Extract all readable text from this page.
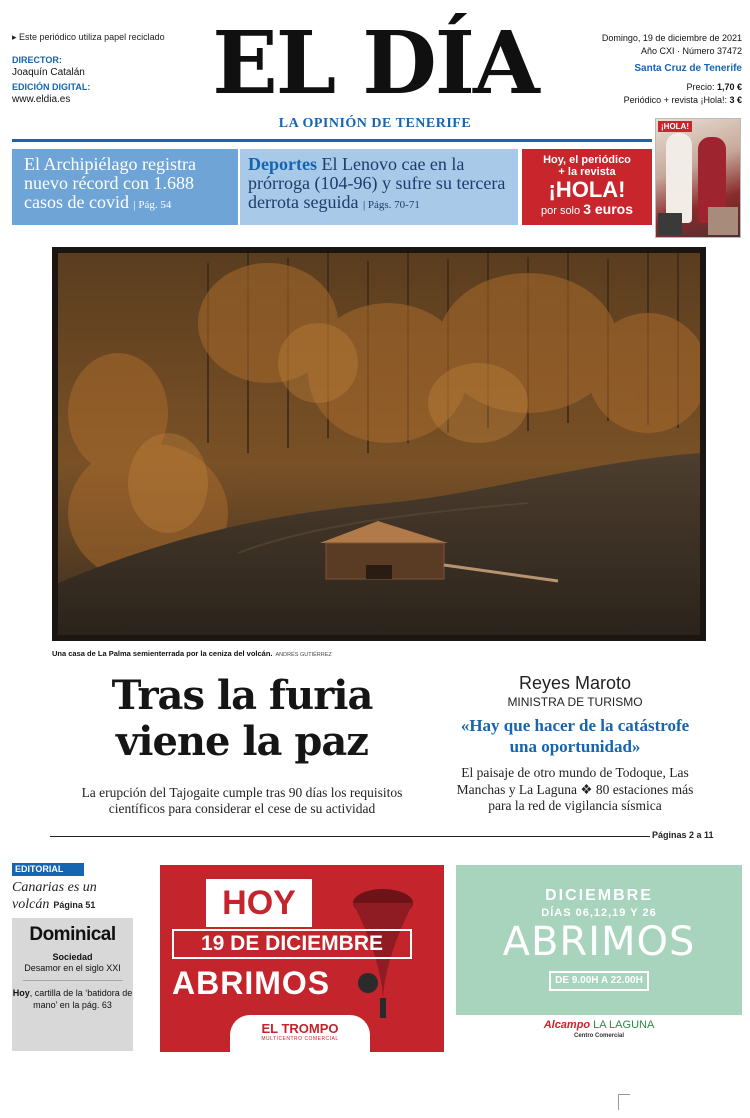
▸ Este periódico utiliza papel reciclado
DIRECTOR:
Joaquín Catalán
EDICIÓN DIGITAL:
www.eldia.es	EL DÍA
LA OPINIÓN DE TENERIFE
Domingo, 19 de diciembre de 2021
Año CXI · Número 37472
Santa Cruz de Tenerife
Precio: 1,70 €
Periódico + revista ¡Hola!: 3 €
El Archipiélago registra nuevo récord con 1.688 casos de covid | Pág. 54
Deportes El Lenovo cae en la prórroga (104-96) y sufre su tercera derrota seguida | Págs. 70-71
Hoy, el periódico
+ la revista
¡HOLA!
por solo 3 euros
¡HOLA!
Una casa de La Palma semienterrada por la ceniza del volcán. ANDRÉS GUTIÉRREZ
Tras la furia
viene la paz
La erupción del Tajogaite cumple tras 90 días los requisitos científicos para considerar el cese de su actividad
Reyes Maroto
MINISTRA DE TURISMO
«Hay que hacer de la catástrofe una oportunidad»
El paisaje de otro mundo de Todoque, Las Manchas y La Laguna ❖ 80 estaciones más para la red de vigilancia sísmica
Páginas 2 a 11
EDITORIAL
Canarias es un volcán Página 51
Dominical
Sociedad
Desamor en el siglo XXI
Hoy, cartilla de la ‘batidora de mano’ en la pág. 63
HOY
19 DE DICIEMBRE
ABRIMOS
EL TROMPO
MULTICENTRO COMERCIAL
DICIEMBRE
DÍAS 06,12,19 Y 26
ABRIMOS
DE 9.00H A 22.00H
Alcampo LA LAGUNA
Centro Comercial
